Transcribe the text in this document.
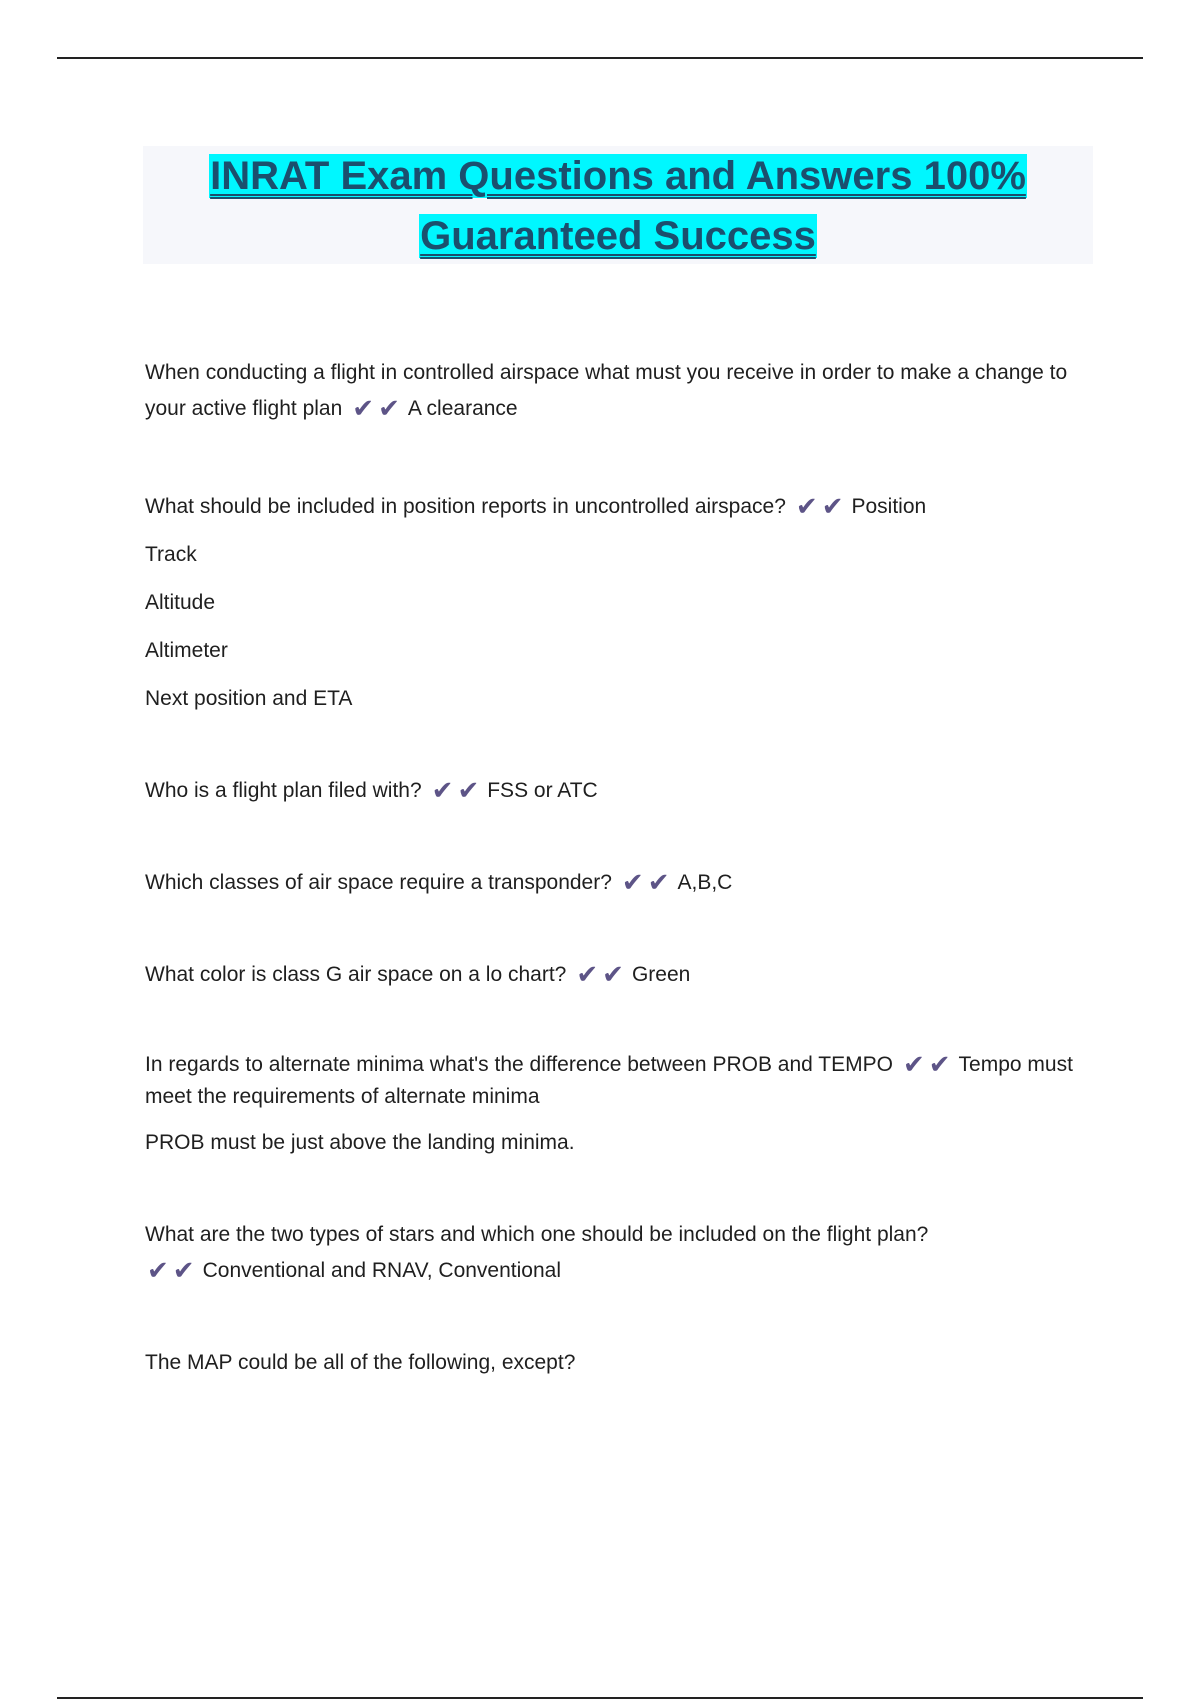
INRAT Exam Questions and Answers 100%
Guaranteed Success

When conducting a flight in controlled airspace what must you receive in order to make a change to your active flight plan ✔ ✔ A clearance

What should be included in position reports in uncontrolled airspace? ✔ ✔ Position

Track

Altitude

Altimeter

Next position and ETA

Who is a flight plan filed with? ✔ ✔ FSS or ATC

Which classes of air space require a transponder? ✔ ✔ A,B,C

What color is class G air space on a lo chart? ✔ ✔ Green

In regards to alternate minima what's the difference between PROB and TEMPO ✔ ✔ Tempo must meet the requirements of alternate minima

PROB must be just above the landing minima.

What are the two types of stars and which one should be included on the flight plan?

✔ ✔ Conventional and RNAV, Conventional

The MAP could be all of the following, except?
